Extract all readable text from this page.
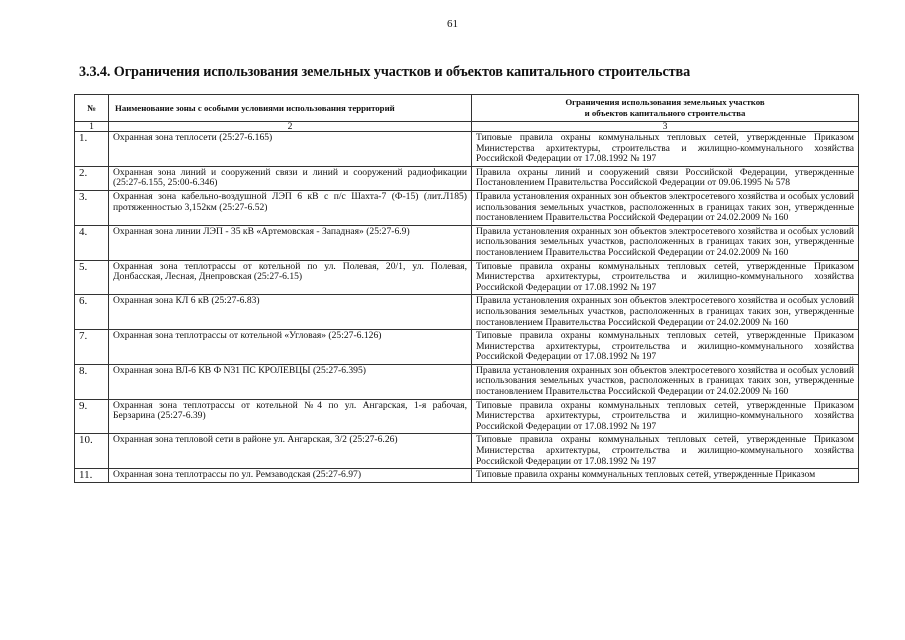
61
3.3.4. Ограничения использования земельных участков и объектов капитального строительства
№	Наименование зоны с особыми условиями использования территорий	Ограничения использования земельных участков
и объектов капитального строительства
1	2	3
1.	Охранная зона теплосети (25:27-6.165)	Типовые правила охраны коммунальных тепловых сетей, утвержденные Приказом Министерства архитектуры, строительства и жилищно-коммунального хозяйства Российской Федерации от 17.08.1992 № 197
2.	Охранная зона линий и сооружений связи и линий и сооружений радиофикации (25:27-6.155, 25:00-6.346)	Правила охраны линий и сооружений связи Российской Федерации, утвержденные Постановлением Правительства Российской Федерации от 09.06.1995 № 578
3.	Охранная зона кабельно-воздушной ЛЭП 6 кВ с п/с Шахта-7 (Ф-15) (лит.Л185) протяженностью 3,152км (25:27-6.52)	Правила установления охранных зон объектов электросетевого хозяйства и особых условий использования земельных участков, расположенных в границах таких зон, утвержденные постановлением Правительства Российской Федерации от 24.02.2009 № 160
4.	Охранная зона линии ЛЭП - 35 кВ «Артемовская - Западная» (25:27-6.9)	Правила установления охранных зон объектов электросетевого хозяйства и особых условий использования земельных участков, расположенных в границах таких зон, утвержденные постановлением Правительства Российской Федерации от 24.02.2009 № 160
5.	Охранная зона теплотрассы от котельной по ул. Полевая, 20/1, ул. Полевая, Донбасская, Лесная, Днепровская (25:27-6.15)	Типовые правила охраны коммунальных тепловых сетей, утвержденные Приказом Министерства архитектуры, строительства и жилищно-коммунального хозяйства Российской Федерации от 17.08.1992 № 197
6.	Охранная зона КЛ 6 кВ (25:27-6.83)	Правила установления охранных зон объектов электросетевого хозяйства и особых условий использования земельных участков, расположенных в границах таких зон, утвержденные постановлением Правительства Российской Федерации от 24.02.2009 № 160
7.	Охранная зона теплотрассы от котельной «Угловая» (25:27-6.126)	Типовые правила охраны коммунальных тепловых сетей, утвержденные Приказом Министерства архитектуры, строительства и жилищно-коммунального хозяйства Российской Федерации от 17.08.1992 № 197
8.	Охранная зона ВЛ-6 КВ Ф N31 ПС КРОЛЕВЦЫ (25:27-6.395)	Правила установления охранных зон объектов электросетевого хозяйства и особых условий использования земельных участков, расположенных в границах таких зон, утвержденные постановлением Правительства Российской Федерации от 24.02.2009 № 160
9.	Охранная зона теплотрассы от котельной №4 по ул. Ангарская, 1-я рабочая, Берзарина (25:27-6.39)	Типовые правила охраны коммунальных тепловых сетей, утвержденные Приказом Министерства архитектуры, строительства и жилищно-коммунального хозяйства Российской Федерации от 17.08.1992 № 197
10.	Охранная зона тепловой сети в районе ул. Ангарская, 3/2 (25:27-6.26)	Типовые правила охраны коммунальных тепловых сетей, утвержденные Приказом Министерства архитектуры, строительства и жилищно-коммунального хозяйства Российской Федерации от 17.08.1992 № 197
11.	Охранная зона теплотрассы по ул. Ремзаводская (25:27-6.97)	Типовые правила охраны коммунальных тепловых сетей, утвержденные Приказом
